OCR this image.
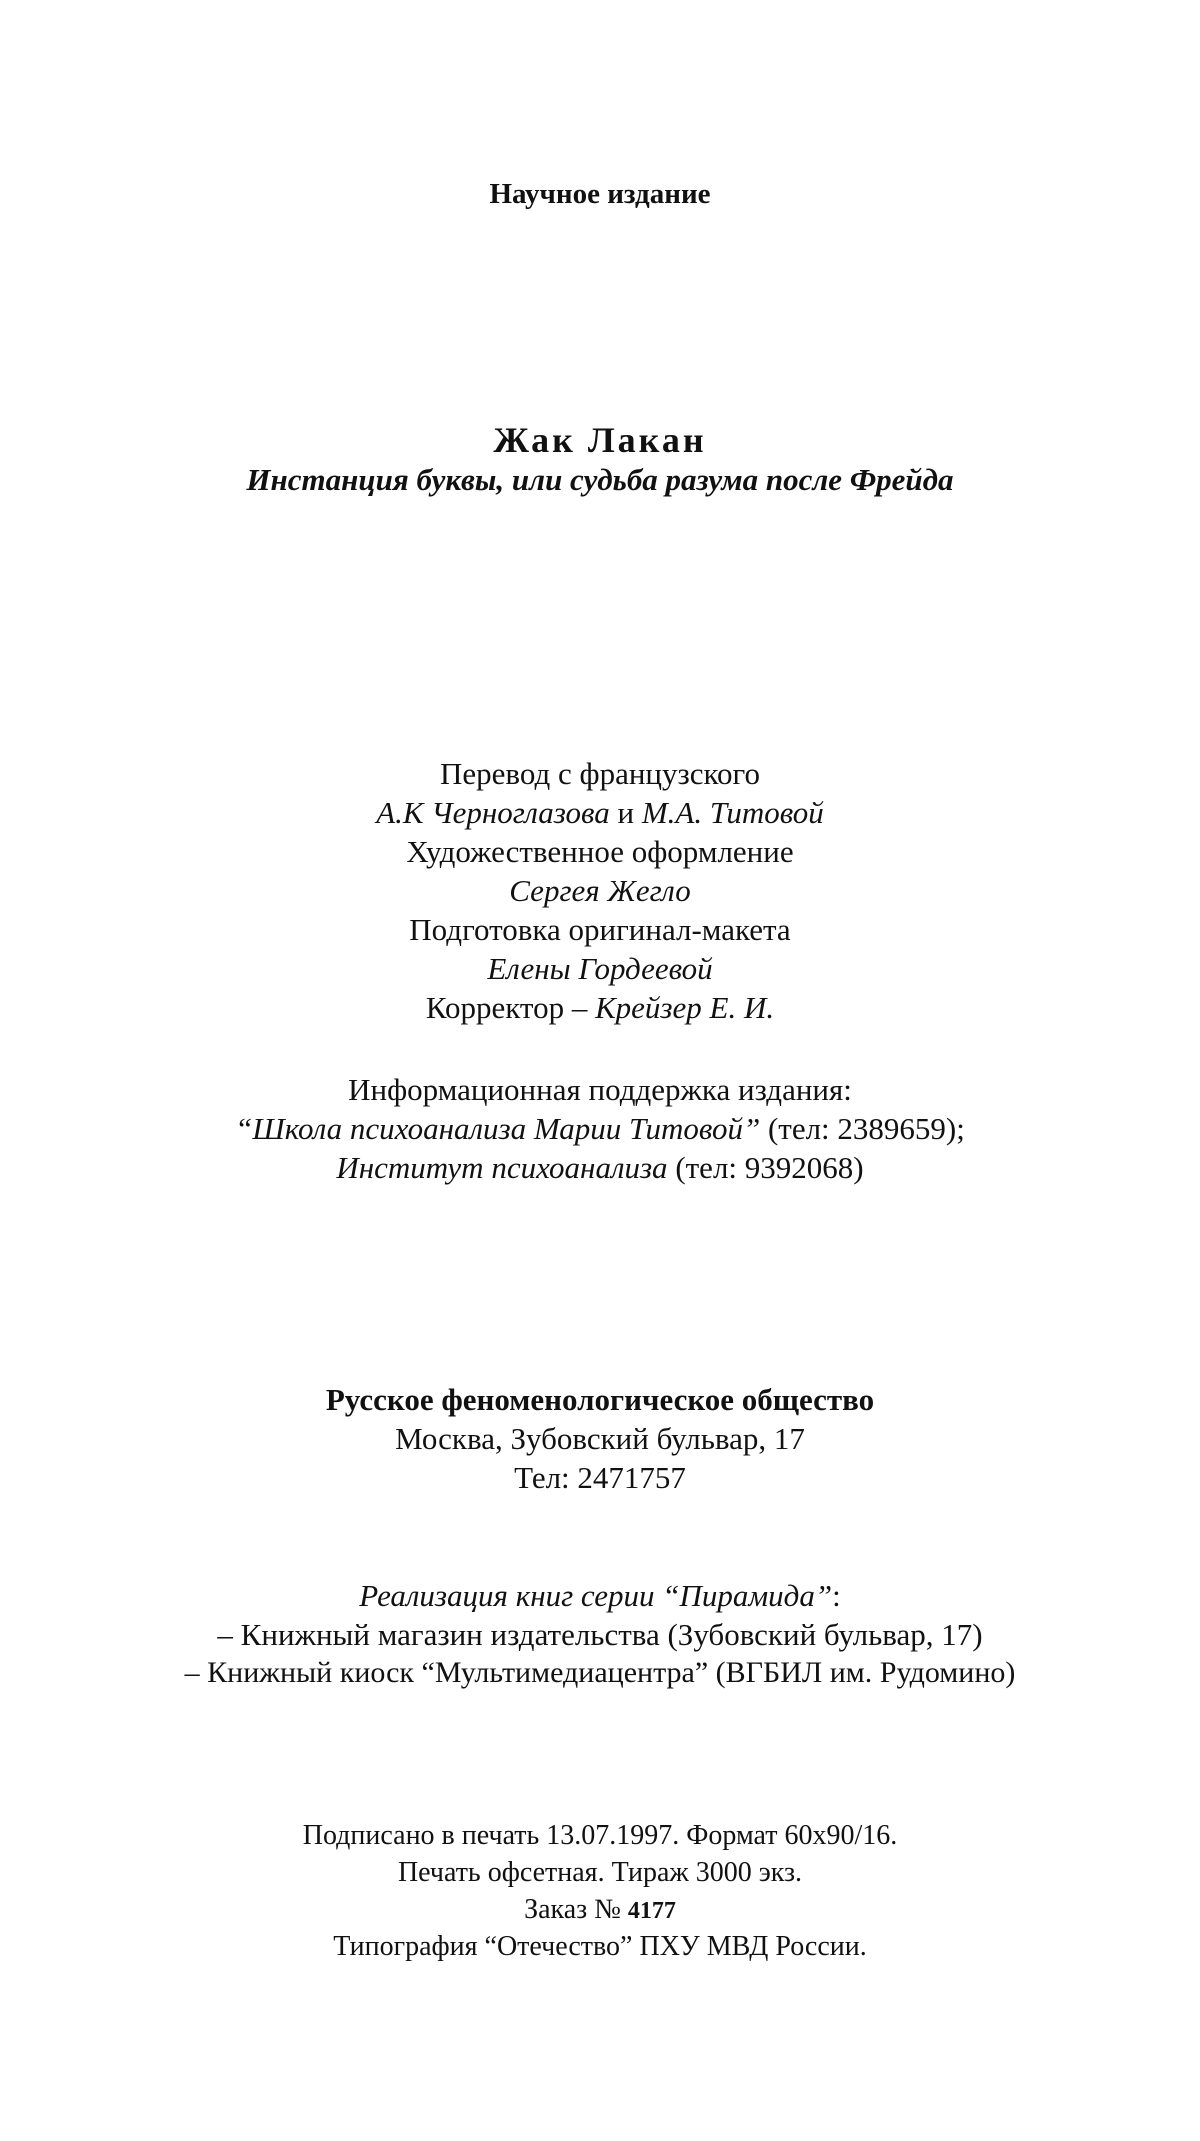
Научное издание
Жак Лакан
Инстанция буквы, или судьба разума после Фрейда
Перевод с французского
А.К Черноглазова и М.А. Титовой
Художественное оформление
Сергея Жегло
Подготовка оригинал-макета
Елены Гордеевой
Корректор – Крейзер Е. И.
Информационная поддержка издания:
“Школа психоанализа Марии Титовой” (тел: 2389659);
Институт психоанализа (тел: 9392068)
Русское феноменологическое общество
Москва, Зубовский бульвар, 17
Тел: 2471757
Реализация книг серии “Пирамида”:
– Книжный магазин издательства (Зубовский бульвар, 17)
– Книжный киоск “Мультимедиацентра” (ВГБИЛ им. Рудомино)
Подписано в печать 13.07.1997. Формат 60x90/16.
Печать офсетная. Тираж 3000 экз.
Заказ № 4177
Типография “Отечество” ПХУ МВД России.
